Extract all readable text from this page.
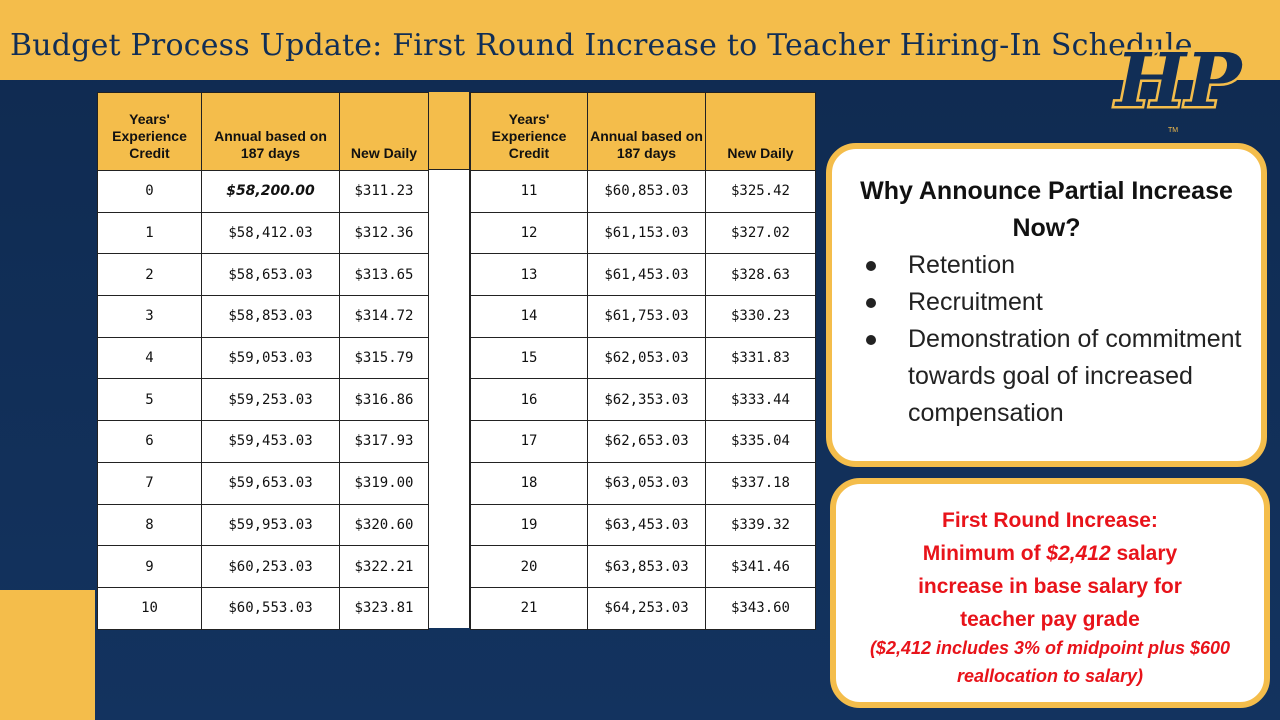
Budget Process Update: First Round Increase to Teacher Hiring-In Schedule
HP
TM
Years' Experience Credit	Annual based on 187 days	New Daily
0	$58,200.00	$311.23
1	$58,412.03	$312.36
2	$58,653.03	$313.65
3	$58,853.03	$314.72
4	$59,053.03	$315.79
5	$59,253.03	$316.86
6	$59,453.03	$317.93
7	$59,653.03	$319.00
8	$59,953.03	$320.60
9	$60,253.03	$322.21
10	$60,553.03	$323.81
Years' Experience Credit	Annual based on 187 days	New Daily
11	$60,853.03	$325.42
12	$61,153.03	$327.02
13	$61,453.03	$328.63
14	$61,753.03	$330.23
15	$62,053.03	$331.83
16	$62,353.03	$333.44
17	$62,653.03	$335.04
18	$63,053.03	$337.18
19	$63,453.03	$339.32
20	$63,853.03	$341.46
21	$64,253.03	$343.60
Why Announce Partial Increase Now?
Retention
Recruitment
Demonstration of commitment towards goal of increased compensation
First Round Increase:
Minimum of $2,412 salary
increase in base salary for
teacher pay grade
($2,412 includes 3% of midpoint plus $600 reallocation to salary)
